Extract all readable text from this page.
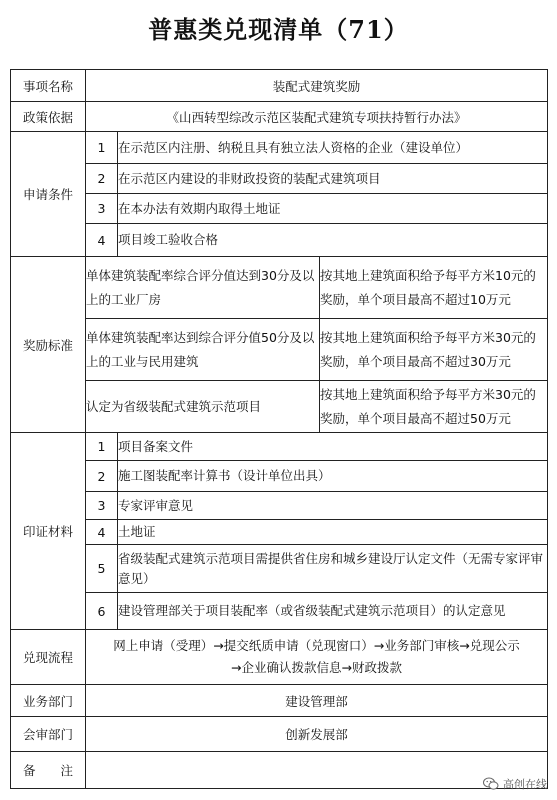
普惠类兑现清单（71）
事项名称	装配式建筑奖励		
政策依据	《山西转型综改示范区装配式建筑专项扶持暂行办法》		
申请条件	1	在示范区内注册、纳税且具有独立法人资格的企业（建设单位）	
	2	在示范区内建设的非财政投资的装配式建筑项目	
	3	在本办法有效期内取得土地证	
	4	项目竣工验收合格	
奖励标准	单体建筑装配率综合评分值达到30分及以上的工业厂房		按其地上建筑面积给予每平方米10元的奖励，单个项目最高不超过10万元
	单体建筑装配率达到综合评分值50分及以上的工业与民用建筑		按其地上建筑面积给予每平方米30元的奖励，单个项目最高不超过30万元
	认定为省级装配式建筑示范项目		按其地上建筑面积给予每平方米30元的奖励，单个项目最高不超过50万元
印证材料	1	项目备案文件	
	2	施工图装配率计算书（设计单位出具）	
	3	专家评审意见	
	4	土地证	
	5	省级装配式建筑示范项目需提供省住房和城乡建设厅认定文件（无需专家评审意见）	
	6	建设管理部关于项目装配率（或省级装配式建筑示范项目）的认定意见	
兑现流程	网上申请（受理）→提交纸质申请（兑现窗口）→业务部门审核→兑现公示
→企业确认拨款信息→财政拨款		

业务部门	建设管理部		
会审部门	创新发展部		
备　　注			
高创在线
